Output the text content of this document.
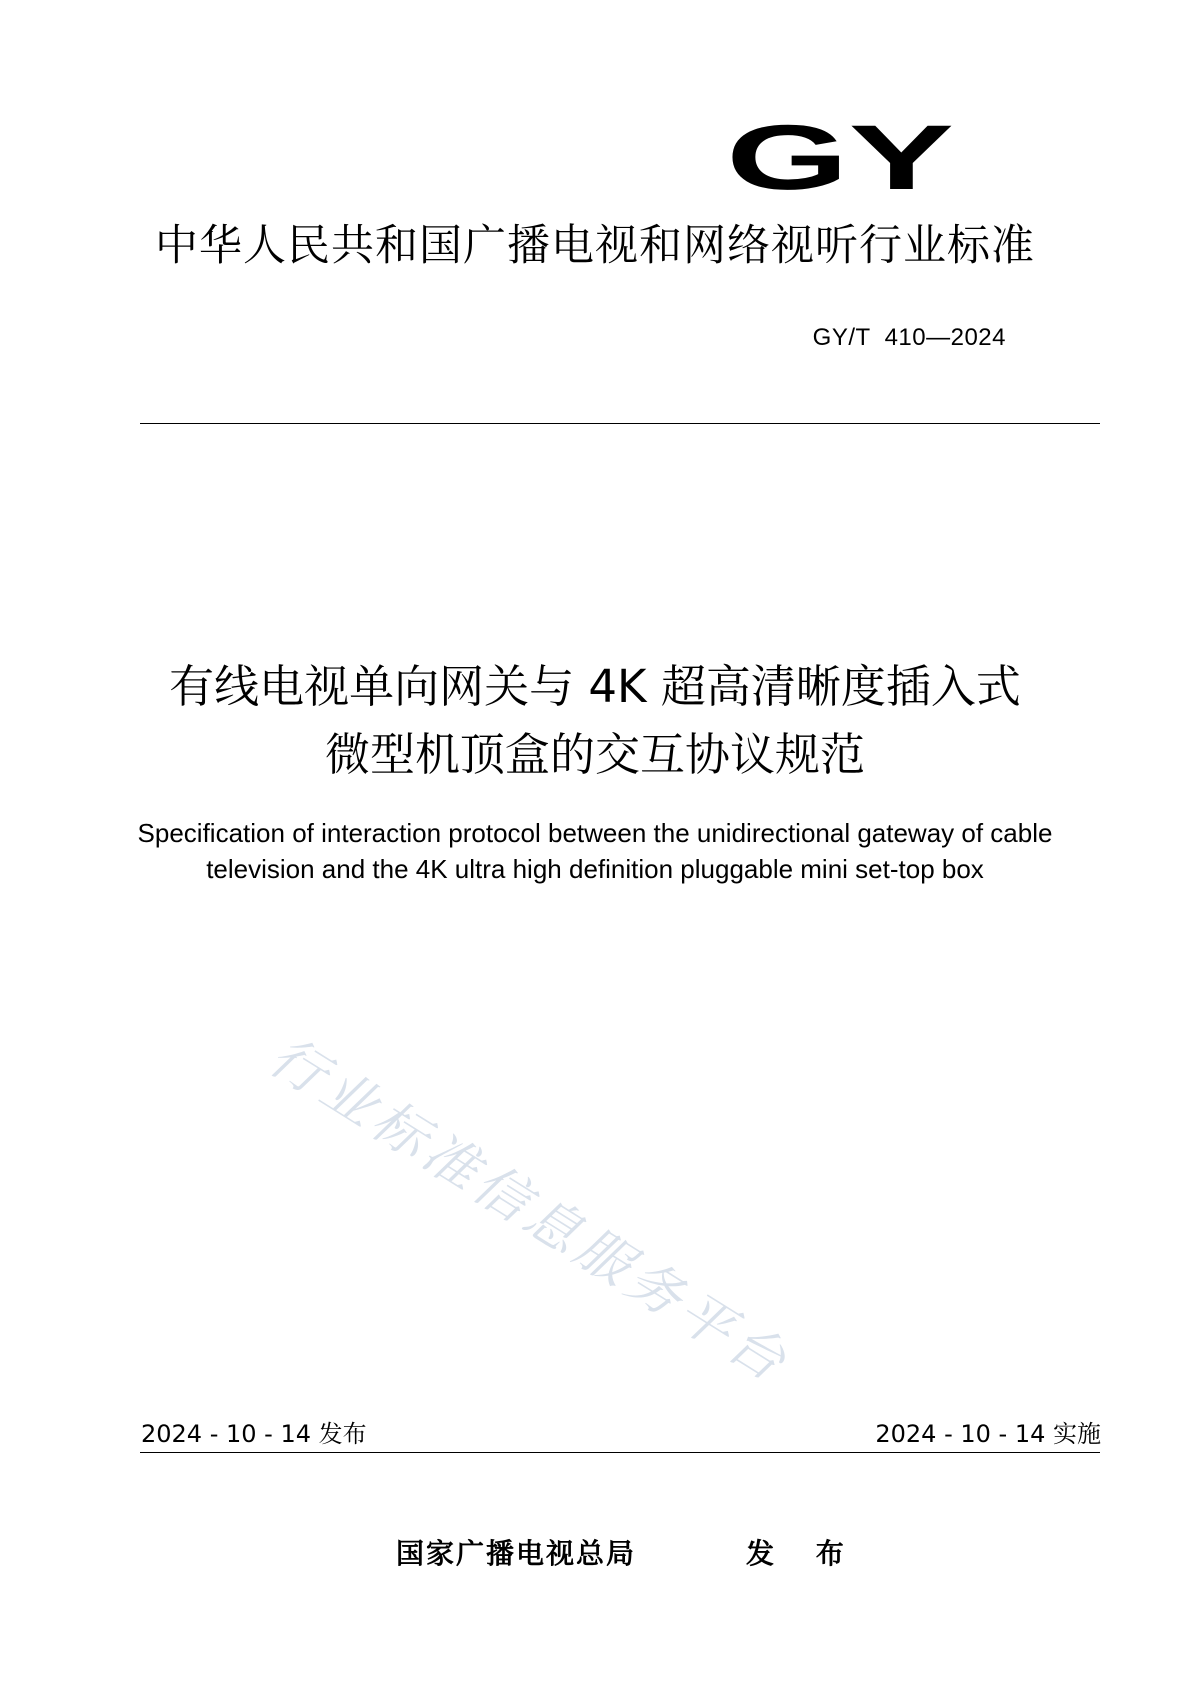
GY
中华人民共和国广播电视和网络视听行业标准
GY/T  410—2024
有线电视单向网关与 4K 超高清晰度插入式
微型机顶盒的交互协议规范
Specification of interaction protocol between the unidirectional gateway of cable
television and the 4K ultra high definition pluggable mini set-top box
行业标准信息服务平台
2024 - 10 - 14 发布	2024 - 10 - 14 实施
国家广播电视总局	发 布
